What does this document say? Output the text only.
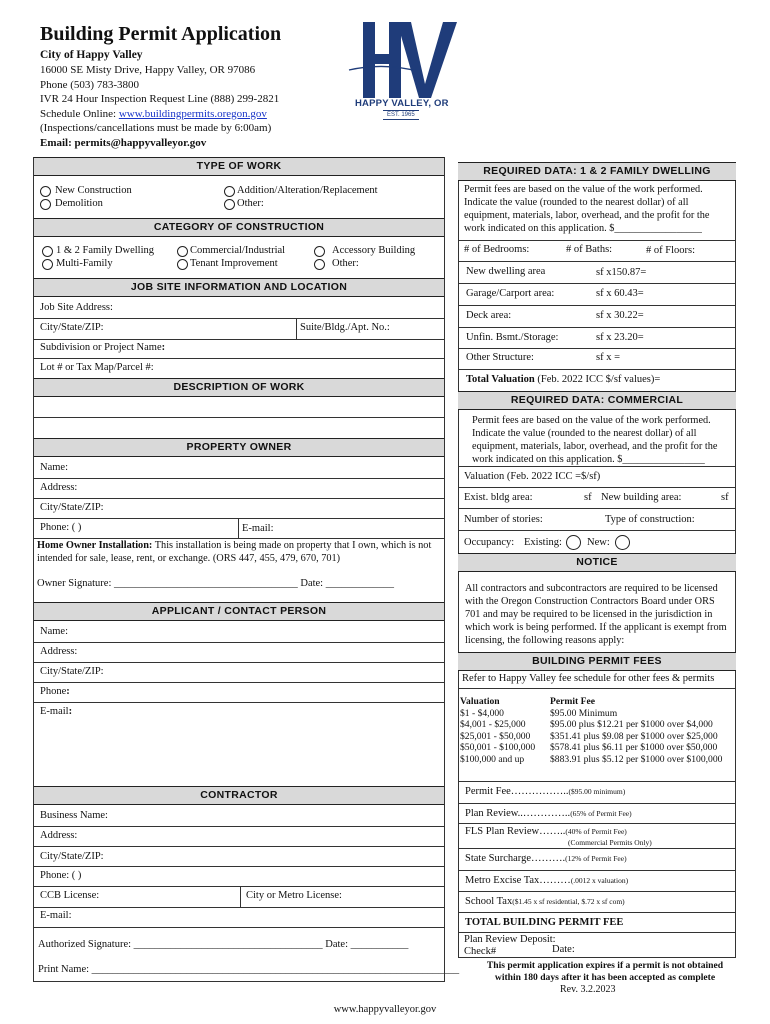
Building Permit Application
City of Happy Valley
16000 SE Misty Drive, Happy Valley, OR 97086
Phone (503) 783-3800
IVR 24 Hour Inspection Request Line (888) 299-2821
Schedule Online: www.buildingpermits.oregon.gov
(Inspections/cancellations must be made by 6:00am)
Email: permits@happyvalleyor.gov
HAPPY VALLEY, OR
EST. 1965
TYPE OF WORK
New Construction
Demolition
Addition/Alteration/Replacement
Other:
CATEGORY OF CONSTRUCTION
1 & 2 Family Dwelling
Multi-Family
Commercial/Industrial
Tenant Improvement
Accessory Building
Other:
JOB SITE INFORMATION AND LOCATION
Job Site Address:
City/State/ZIP:	Suite/Bldg./Apt. No.:
Subdivision or Project Name:
Lot # or Tax Map/Parcel #:
DESCRIPTION OF WORK
PROPERTY OWNER
Name:
Address:
City/State/ZIP:
Phone: ( )	E-mail:
Home Owner Installation: This installation is being made on property that I own, which is not intended for sale, lease, rent, or exchange. (ORS 447, 455, 479, 670, 701)
Owner Signature: ___________________________________ Date: _____________
APPLICANT / CONTACT PERSON
Name:
Address:
City/State/ZIP:
Phone:
E-mail:
CONTRACTOR
Business Name:
Address:
City/State/ZIP:
Phone: ( )
CCB License:	City or Metro License:
E-mail:
Authorized Signature: ____________________________________ Date: ___________
Print Name: ______________________________________________________________________
REQUIRED DATA: 1 & 2 FAMILY DWELLING
Permit fees are based on the value of the work performed. Indicate the value (rounded to the nearest dollar) of all equipment, materials, labor, overhead, and the profit for the work indicated on this application. $_________________
# of Bedrooms:	# of Baths:	# of Floors:
New dwelling area	sf x150.87=
Garage/Carport area:	sf x 60.43=
Deck area:	sf x 30.22=
Unfin. Bsmt./Storage:	sf x 23.20=
Other Structure:	sf x =
Total Valuation (Feb. 2022 ICC $/sf values)=
REQUIRED DATA: COMMERCIAL
Permit fees are based on the value of the work performed. Indicate the value (rounded to the nearest dollar) of all equipment, materials, labor, overhead, and the profit for the work indicated on this application. $________________
Valuation (Feb. 2022 ICC =$/sf)
Exist. bldg area:	sf New building area:	sf
Number of stories:	Type of construction:
Occupancy: Existing: New:
NOTICE
All contractors and subcontractors are required to be licensed with the Oregon Construction Contractors Board under ORS 701 and may be required to be licensed in the jurisdiction in which work is being performed. If the applicant is exempt from licensing, the following reasons apply:
BUILDING PERMIT FEES
Refer to Happy Valley fee schedule for other fees & permits
Valuation	Permit Fee
$1 - $4,000	$95.00 Minimum
$4,001 - $25,000	$95.00 plus $12.21 per $1000 over $4,000
$25,001 - $50,000	$351.41 plus $9.08 per $1000 over $25,000
$50,001 - $100,000	$578.41 plus $6.11 per $1000 over $50,000
$100,000 and up	$883.91 plus $5.12 per $1000 over $100,000
Permit Fee……………..($95.00 minimum)
Plan Review..…………..(65% of Permit Fee)
FLS Plan Review……..(40% of Permit Fee)
(Commercial Permits Only)
State Surcharge……….(12% of Permit Fee)
Metro Excise Tax………(.0012 x valuation)
School Tax($1.45 x sf residential, $.72 x sf com)
TOTAL BUILDING PERMIT FEE
Plan Review Deposit:
Check#	Date:
This permit application expires if a permit is not obtained within 180 days after it has been accepted as complete
Rev. 3.2.2023
www.happyvalleyor.gov
